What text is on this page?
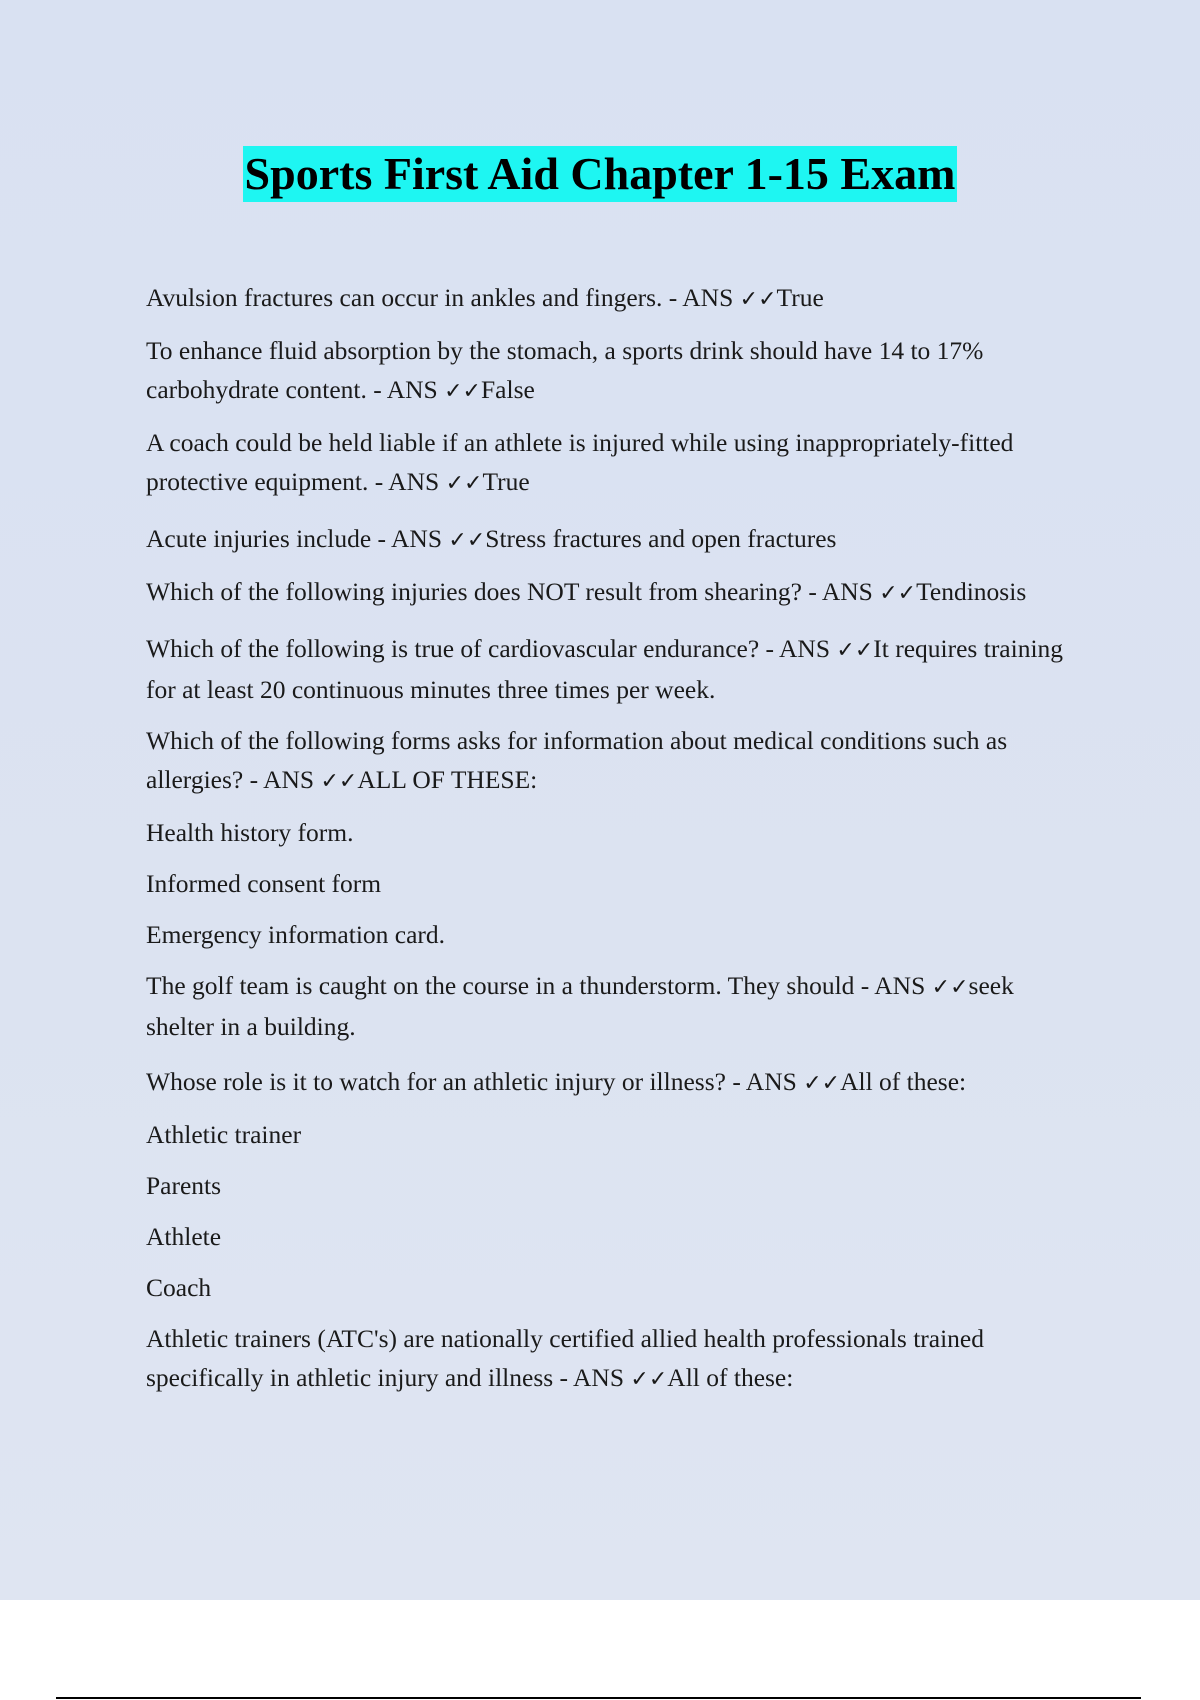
Sports First Aid Chapter 1-15 Exam

Avulsion fractures can occur in ankles and fingers. - ANS ✓✓True

To enhance fluid absorption by the stomach, a sports drink should have 14 to 17% carbohydrate content. - ANS ✓✓False

A coach could be held liable if an athlete is injured while using inappropriately-fitted protective equipment. - ANS ✓✓True

Acute injuries include - ANS ✓✓Stress fractures and open fractures

Which of the following injuries does NOT result from shearing? - ANS ✓✓Tendinosis

Which of the following is true of cardiovascular endurance? - ANS ✓✓It requires training for at least 20 continuous minutes three times per week.

Which of the following forms asks for information about medical conditions such as allergies? - ANS ✓✓ALL OF THESE:

Health history form.

Informed consent form

Emergency information card.

The golf team is caught on the course in a thunderstorm. They should - ANS ✓✓seek shelter in a building.

Whose role is it to watch for an athletic injury or illness? - ANS ✓✓All of these:

Athletic trainer

Parents

Athlete

Coach

Athletic trainers (ATC's) are nationally certified allied health professionals trained specifically in athletic injury and illness - ANS ✓✓All of these:
